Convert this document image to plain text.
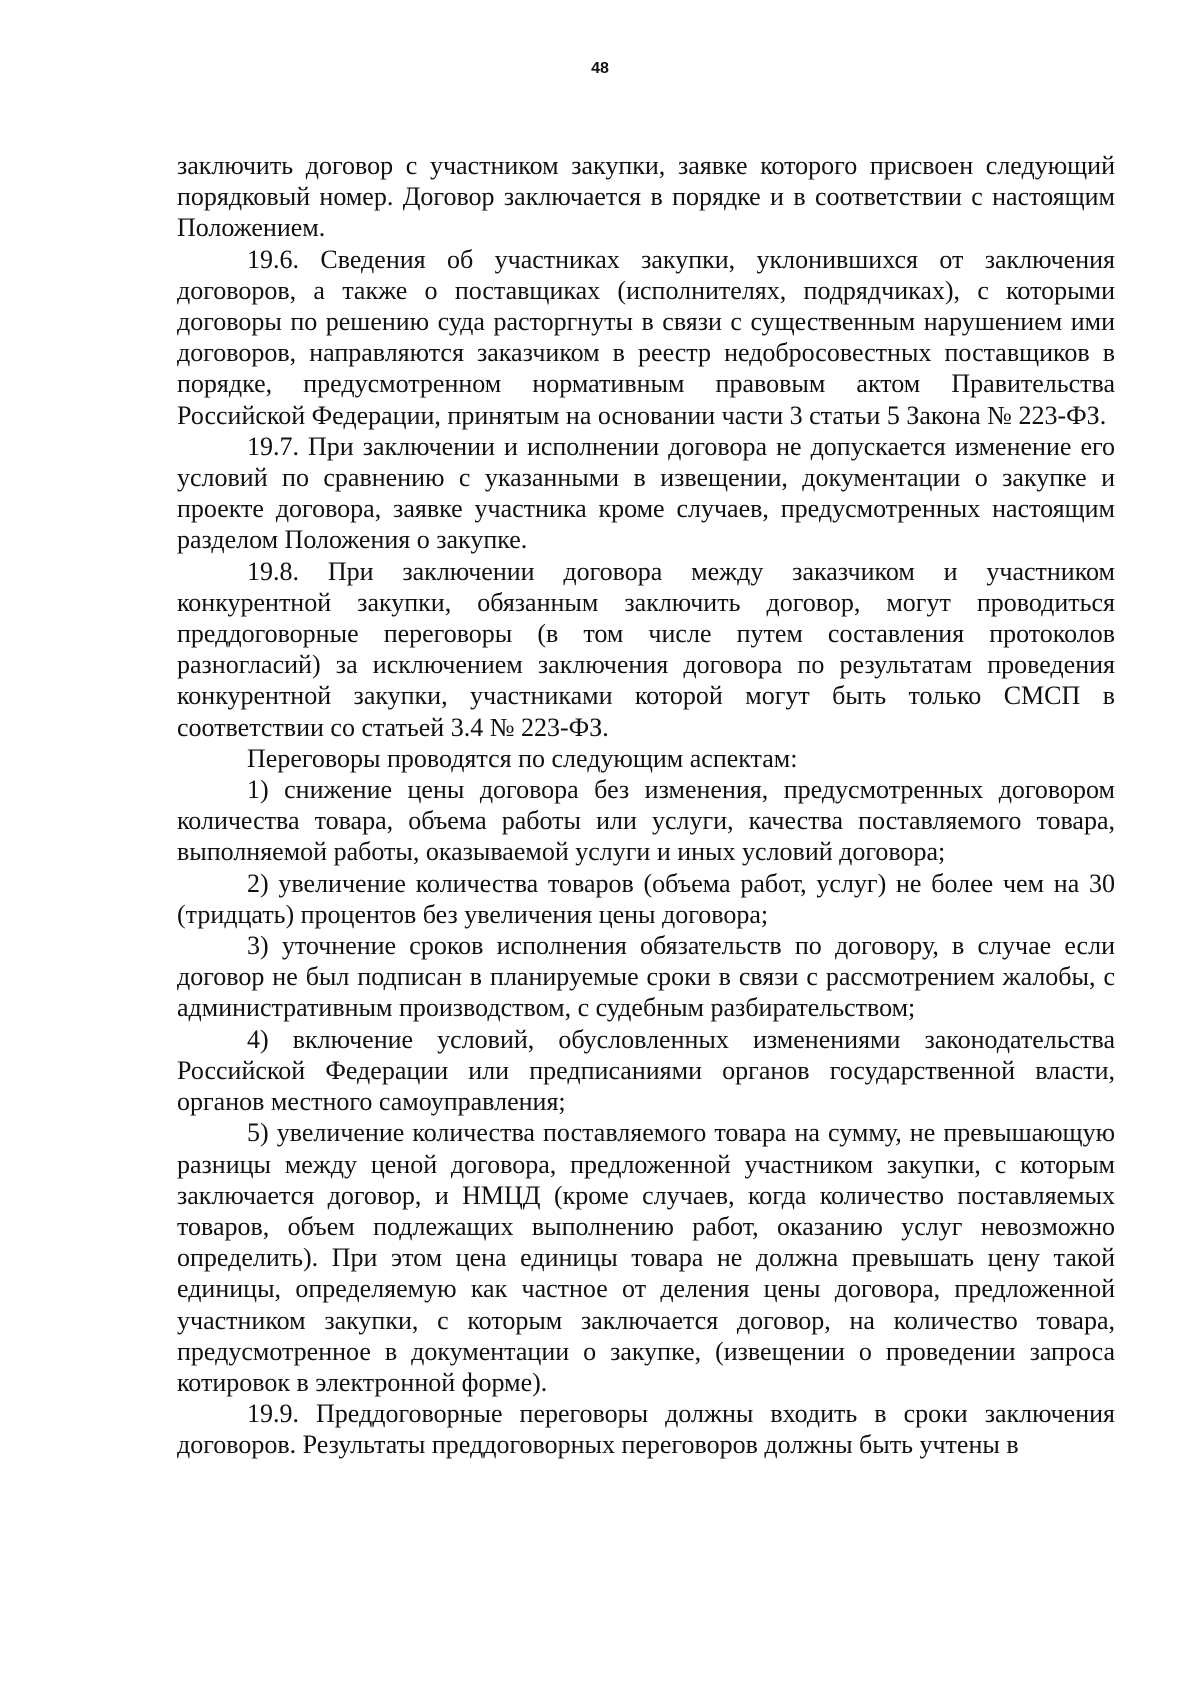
48

заключить договор с участником закупки, заявке которого присвоен следующий порядковый номер. Договор заключается в порядке и в соответствии с настоящим Положением.

19.6. Сведения об участниках закупки, уклонившихся от заключения договоров, а также о поставщиках (исполнителях, подрядчиках), с которыми договоры по решению суда расторгнуты в связи с существенным нарушением ими договоров, направляются заказчиком в реестр недобросовестных поставщиков в порядке, предусмотренном нормативным правовым актом Правительства Российской Федерации, принятым на основании части 3 статьи 5 Закона № 223-ФЗ.

19.7. При заключении и исполнении договора не допускается изменение его условий по сравнению с указанными в извещении, документации о закупке и проекте договора, заявке участника кроме случаев, предусмотренных настоящим разделом Положения о закупке.

19.8. При заключении договора между заказчиком и участником конкурентной закупки, обязанным заключить договор, могут проводиться преддоговорные переговоры (в том числе путем составления протоколов разногласий) за исключением заключения договора по результатам проведения конкурентной закупки, участниками которой могут быть только СМСП в соответствии со статьей 3.4 № 223-ФЗ.

Переговоры проводятся по следующим аспектам:

1) снижение цены договора без изменения, предусмотренных договором количества товара, объема работы или услуги, качества поставляемого товара, выполняемой работы, оказываемой услуги и иных условий договора;

2) увеличение количества товаров (объема работ, услуг) не более чем на 30 (тридцать) процентов без увеличения цены договора;

3) уточнение сроков исполнения обязательств по договору, в случае если договор не был подписан в планируемые сроки в связи с рассмотрением жалобы, с административным производством, с судебным разбирательством;

4) включение условий, обусловленных изменениями законодательства Российской Федерации или предписаниями органов государственной власти, органов местного самоуправления;

5) увеличение количества поставляемого товара на сумму, не превышающую разницы между ценой договора, предложенной участником закупки, с которым заключается договор, и НМЦД (кроме случаев, когда количество поставляемых товаров, объем подлежащих выполнению работ, оказанию услуг невозможно определить). При этом цена единицы товара не должна превышать цену такой единицы, определяемую как частное от деления цены договора, предложенной участником закупки, с которым заключается договор, на количество товара, предусмотренное в документации о закупке, (извещении о проведении запроса котировок в электронной форме).

19.9. Преддоговорные переговоры должны входить в сроки заключения договоров. Результаты преддоговорных переговоров должны быть учтены в
